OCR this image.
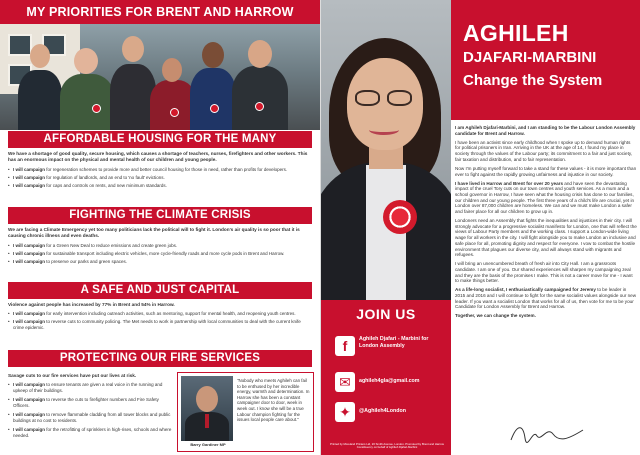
MY PRIORITIES FOR BRENT AND HARROW
AFFORDABLE HOUSING FOR THE MANY

We have a shortage of good quality, secure housing, which causes a shortage of teachers, nurses, firefighters and other workers. This has an enormous impact on the physical and mental health of our children and young people.

• I will campaign for regeneration schemes to provide more and better council housing for those in need, rather than profits for developers.
• I will campaign for regulation of landlords, and an end to 'no fault' evictions.
• I will campaign for caps and controls on rents, and new minimum standards.
FIGHTING THE CLIMATE CRISIS

We are facing a Climate Emergency yet too many politicians lack the political will to fight it. London's air quality is so poor that it is causing chronic illness and even deaths.

• I will campaign for a Green New Deal to reduce emissions and create green jobs.
• I will campaign for sustainable transport including electric vehicles, more cycle-friendly roads and more cycle pods in Brent and Harrow.
• I will campaign to preserve our parks and green spaces.
A SAFE AND JUST CAPITAL

Violence against people has increased by 77% in Brent and 54% in Harrow.

• I will campaign for early intervention including outreach activities, such as mentoring, support for mental health, and reopening youth centres.
• I will campaign to reverse cuts to community policing. The Met needs to work in partnership with local communities to deal with the current knife crime epidemic.
PROTECTING OUR FIRE SERVICES

Savage cuts to our fire services have put our lives at risk.

• I will campaign to ensure tenants are given a real voice in the running and upkeep of their buildings.
• I will campaign to reverse the cuts to firefighter numbers and Fire Safety Officers.
• I will campaign to remove flammable cladding from all tower blocks and public buildings at no cost to residents.
• I will campaign for the retrofitting of sprinklers in high-rises, schools and where needed.
Barry Gardiner MP

"Nobody who meets Aghileh can fail to be enthused by her incredible energy, warmth and determination. In Harrow she has been a constant campaigner door to door, week in week out. I know she will be a true Labour champion fighting for the issues local people care about."

JOIN US
f	Aghileh Djafari - Marbini for London Assembly
✉	aghileh4gla@gmail.com
✦	@Aghileh4London

Printed by Moreland Printers Ltd, 20 Smith Avenue, London. Promoted by Brent and Harrow Constituency on behalf of Aghileh Djafari-Marbini

AGHILEH
DJAFARI-MARBINI
Change the System

I am Aghileh Djafari-Marbini, and I am standing to be the Labour London Assembly candidate for Brent and Harrow.

I have been an activist since early childhood when I spoke up to demand human rights for political prisoners in Iran. Arriving in the UK at the age of 14, I found my place in society through the values of the Labour party; its commitment to a fair and just society, fair taxation and distribution, and to fair representation.

Now I'm putting myself forward to take a stand for these values - it is more important than ever to fight against the rapidly growing unfairness and injustice in our society.

I have lived in Harrow and Brent for over 20 years and have seen the devastating impact of the cruel Tory cuts on our town centres and youth services. As a mum and a school governor in Harrow, I have seen what the housing crisis has done to our families, our children and our young people. The first three years of a child's life are crucial, yet in London over 87,000 children are homeless. We can and we must make London a safer and fairer place for all our children to grow up in.

Londoners need an Assembly that fights the inequalities and injustices in their city. I will strongly advocate for a progressive socialist manifesto for London, one that will reflect the views of Labour Party members and the working class. I support a London-wide living wage for all workers in the city. I will fight alongside you to make London an inclusive and safe place for all, promoting dignity and respect for everyone. I vow to combat the hostile environment that plagues our diverse city, and will always stand with migrants and refugees.

I will bring an unencumbered breath of fresh air into City Hall. I am a grassroots candidate. I am one of you. Our shared experiences will sharpen my campaigning zeal and they are the basis of the promises I make. This is not a career move for me - I want to make things better.

As a life-long socialist, I enthusiastically campaigned for Jeremy to be leader in 2015 and 2016 and I will continue to fight for the same socialist values alongside our new leader. If you want a socialist London that works for all of us, then vote for me to be your Candidate for London Assembly for Brent and Harrow.

Together, we can change the system.
